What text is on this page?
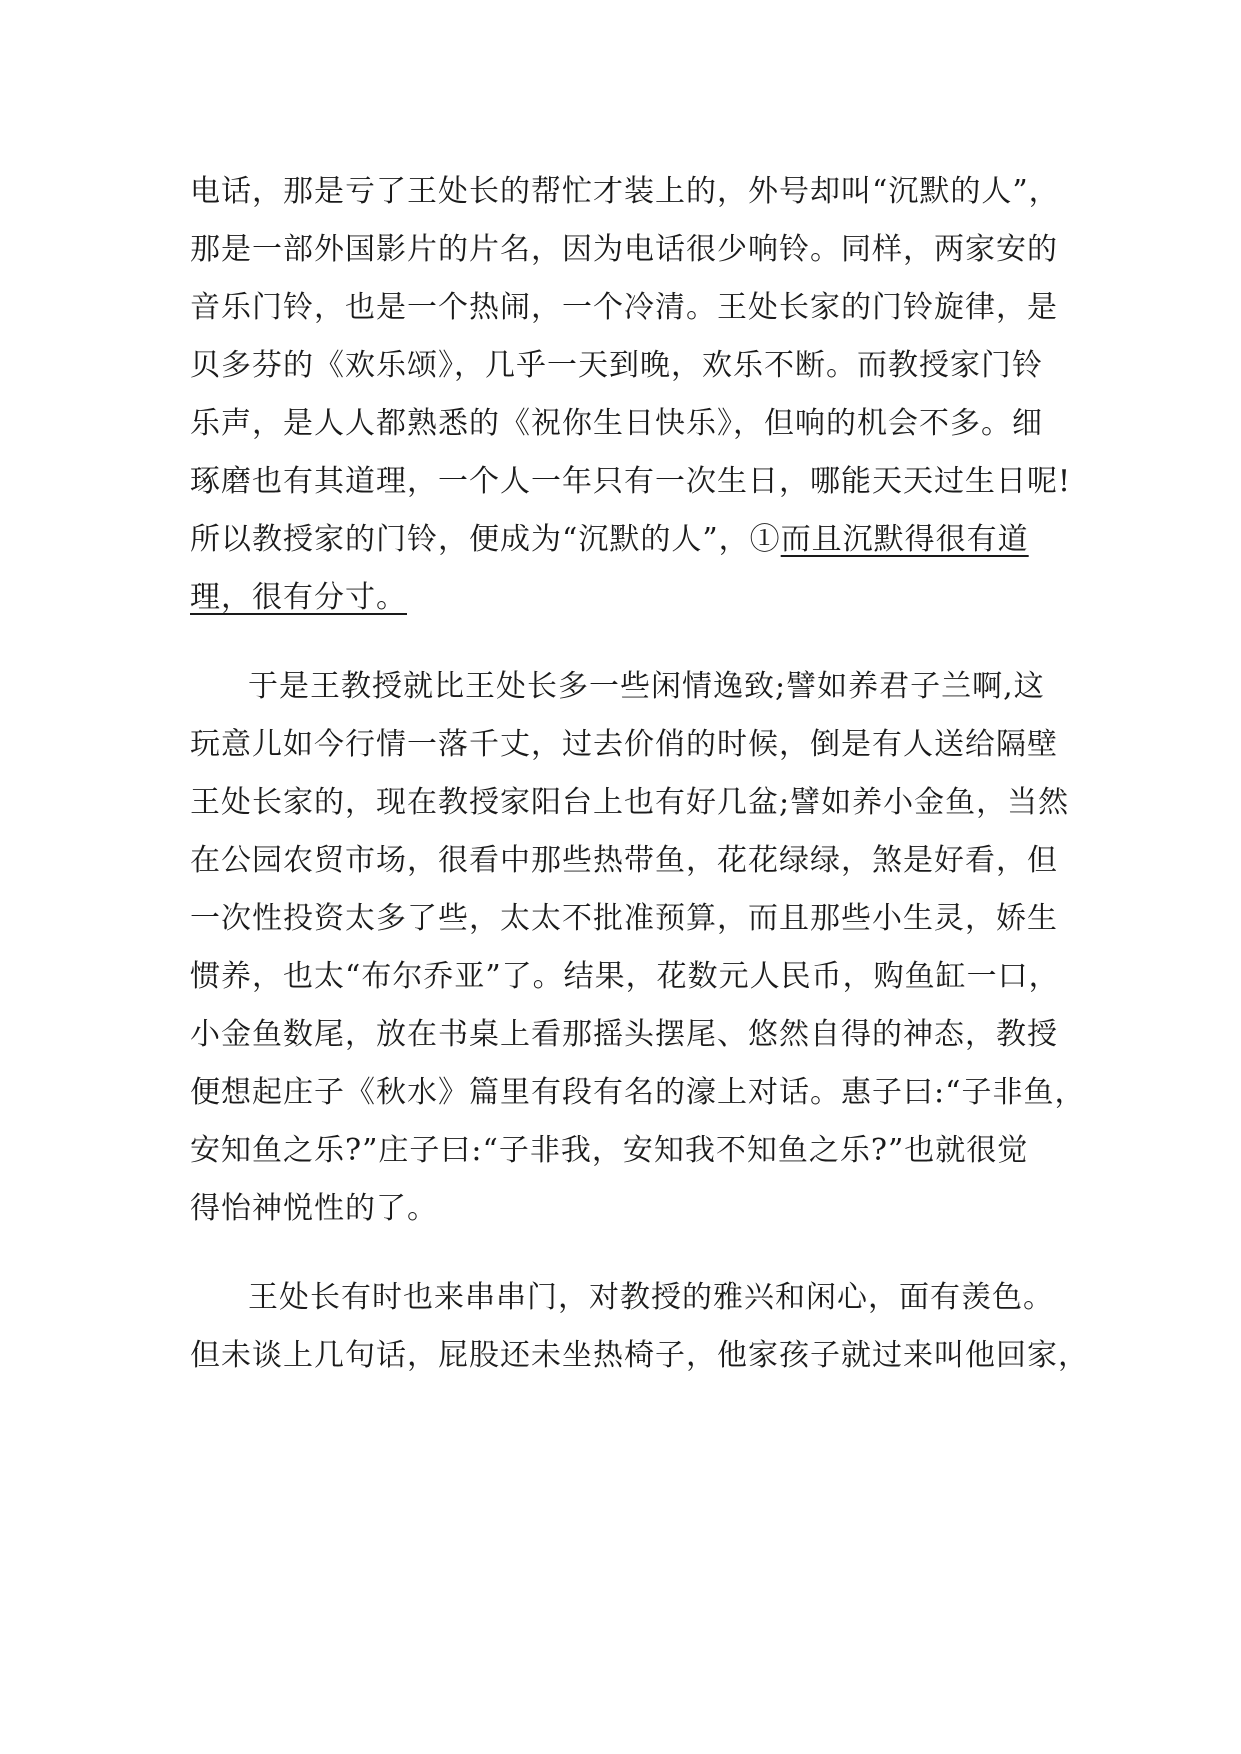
电话，那是亏了王处长的帮忙才装上的，外号却叫“沉默的人”，
那是一部外国影片的片名，因为电话很少响铃。同样，两家安的
音乐门铃，也是一个热闹，一个冷清。王处长家的门铃旋律，是
贝多芬的《欢乐颂》，几乎一天到晚，欢乐不断。而教授家门铃
乐声，是人人都熟悉的《祝你生日快乐》，但响的机会不多。细
琢磨也有其道理，一个人一年只有一次生日，哪能天天过生日呢!
所以教授家的门铃，便成为“沉默的人”，①而且沉默得很有道
理，很有分寸。
于是王教授就比王处长多一些闲情逸致;譬如养君子兰啊,这
玩意儿如今行情一落千丈，过去价俏的时候，倒是有人送给隔壁
王处长家的，现在教授家阳台上也有好几盆;譬如养小金鱼，当然
在公园农贸市场，很看中那些热带鱼，花花绿绿，煞是好看，但
一次性投资太多了些，太太不批准预算，而且那些小生灵，娇生
惯养，也太“布尔乔亚”了。结果，花数元人民币，购鱼缸一口，
小金鱼数尾，放在书桌上看那摇头摆尾、悠然自得的神态，教授
便想起庄子《秋水》篇里有段有名的濠上对话。惠子曰:“子非鱼，
安知鱼之乐?”庄子曰:“子非我，安知我不知鱼之乐?”也就很觉
得怡神悦性的了。
王处长有时也来串串门，对教授的雅兴和闲心，面有羡色。
但未谈上几句话，屁股还未坐热椅子，他家孩子就过来叫他回家，
